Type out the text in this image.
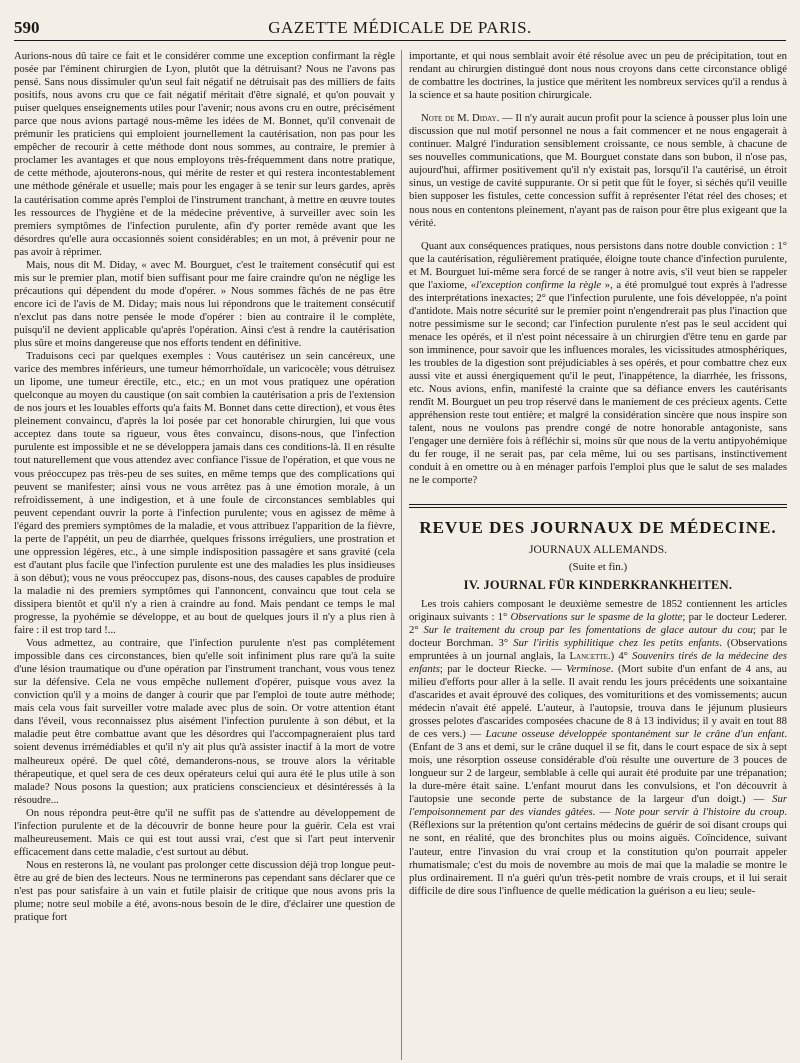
590	GAZETTE MÉDICALE DE PARIS.

Aurions-nous dû taire ce fait et le considérer comme une exception confirmant la règle posée par l'éminent chirurgien de Lyon, plutôt que la détruisant? Nous ne l'avons pas pensé. Sans nous dissimuler qu'un seul fait négatif ne détruisait pas des milliers de faits positifs, nous avons cru que ce fait négatif méritait d'être signalé, et qu'on pouvait y puiser quelques enseignements utiles pour l'avenir; nous avons cru en outre, précisément parce que nous avions partagé nous-même les idées de M. Bonnet, qu'il convenait de prémunir les praticiens qui emploient journellement la cautérisation, non pas pour les empêcher de recourir à cette méthode dont nous sommes, au contraire, le premier à proclamer les avantages et que nous employons très-fréquemment dans notre pratique, de cette méthode, ajouterons-nous, qui mérite de rester et qui restera incontestablement une méthode générale et usuelle; mais pour les engager à se tenir sur leurs gardes, après la cautérisation comme après l'emploi de l'instrument tranchant, à mettre en œuvre toutes les ressources de l'hygiène et de la médecine préventive, à surveiller avec soin les premiers symptômes de l'infection purulente, afin d'y porter remède avant que les désordres qu'elle aura occasionnés soient considérables; en un mot, à prévenir pour ne pas avoir à réprimer.

Mais, nous dit M. Diday, « avec M. Bourguet, c'est le traitement consécutif qui est mis sur le premier plan, motif bien suffisant pour me faire craindre qu'on ne néglige les précautions qui dépendent du mode d'opérer. » Nous sommes fâchés de ne pas être encore ici de l'avis de M. Diday; mais nous lui répondrons que le traitement consécutif n'exclut pas dans notre pensée le mode d'opérer : bien au contraire il le complète, puisqu'il ne devient applicable qu'après l'opération. Ainsi c'est à rendre la cautérisation plus sûre et moins dangereuse que nos efforts tendent en définitive.

Traduisons ceci par quelques exemples : Vous cautérisez un sein cancéreux, une varice des membres inférieurs, une tumeur hémorrhoïdale, un varicocèle; vous détruisez un lipome, une tumeur érectile, etc., etc.; en un mot vous pratiquez une opération quelconque au moyen du caustique (on sait combien la cautérisation a pris de l'extension de nos jours et les louables efforts qu'a faits M. Bonnet dans cette direction), et vous êtes pleinement convaincu, d'après la loi posée par cet honorable chirurgien, lui que vous acceptez dans toute sa rigueur, vous êtes convaincu, disons-nous, que l'infection purulente est impossible et ne se développera jamais dans ces conditions-là. Il en résulte tout naturellement que vous attendez avec confiance l'issue de l'opération, et que vous ne vous préoccupez pas très-peu de ses suites, en même temps que des complications qui peuvent se manifester; ainsi vous ne vous arrêtez pas à une émotion morale, à un refroidissement, à une indigestion, et à une foule de circonstances semblables qui peuvent cependant ouvrir la porte à l'infection purulente; vous en agissez de même à l'égard des premiers symptômes de la maladie, et vous attribuez l'apparition de la fièvre, la perte de l'appétit, un peu de diarrhée, quelques frissons irréguliers, une prostration et une oppression légères, etc., à une simple indisposition passagère et sans gravité (cela est d'autant plus facile que l'infection purulente est une des maladies les plus insidieuses à son début); vous ne vous préoccupez pas, disons-nous, des causes capables de produire la maladie ni des premiers symptômes qui l'annoncent, convaincu que tout cela se dissipera bientôt et qu'il n'y a rien à craindre au fond. Mais pendant ce temps le mal progresse, la pyohémie se développe, et au bout de quelques jours il n'y a plus rien à faire : il est trop tard !...

Vous admettez, au contraire, que l'infection purulente n'est pas complétement impossible dans ces circonstances, bien qu'elle soit infiniment plus rare qu'à la suite d'une lésion traumatique ou d'une opération par l'instrument tranchant, vous vous tenez sur la défensive. Cela ne vous empêche nullement d'opérer, puisque vous avez la conviction qu'il y a moins de danger à courir que par l'emploi de toute autre méthode; mais cela vous fait surveiller votre malade avec plus de soin. Or votre attention étant dans l'éveil, vous reconnaissez plus aisément l'infection purulente à son début, et la maladie peut être combattue avant que les désordres qui l'accompagneraient plus tard soient devenus irrémédiables et qu'il n'y ait plus qu'à assister inactif à la mort de votre malheureux opéré. De quel côté, demanderons-nous, se trouve alors la véritable thérapeutique, et quel sera de ces deux opérateurs celui qui aura été le plus utile à son malade? Nous posons la question; aux praticiens consciencieux et désintéressés à la résoudre...

On nous répondra peut-être qu'il ne suffit pas de s'attendre au développement de l'infection purulente et de la découvrir de bonne heure pour la guérir. Cela est vrai malheureusement. Mais ce qui est tout aussi vrai, c'est que si l'art peut intervenir efficacement dans cette maladie, c'est surtout au début.

Nous en resterons là, ne voulant pas prolonger cette discussion déjà trop longue peut-être au gré de bien des lecteurs. Nous ne terminerons pas cependant sans déclarer que ce n'est pas pour satisfaire à un vain et futile plaisir de critique que nous avons pris la plume; notre seul mobile a été, avons-nous besoin de le dire, d'éclairer une question de pratique fort

importante, et qui nous semblait avoir été résolue avec un peu de précipitation, tout en rendant au chirurgien distingué dont nous nous croyons dans cette circonstance obligé de combattre les doctrines, la justice que méritent les nombreux services qu'il a rendus à la science et sa haute position chirurgicale.

Note de M. Diday. — Il n'y aurait aucun profit pour la science à pousser plus loin une discussion que nul motif personnel ne nous a fait commencer et ne nous engagerait à continuer. Malgré l'induration sensiblement croissante, ce nous semble, à chacune de ses nouvelles communications, que M. Bourguet constate dans son bubon, il n'ose pas, aujourd'hui, affirmer positivement qu'il n'y existait pas, lorsqu'il l'a cautérisé, un étroit sinus, un vestige de cavité suppurante. Or si petit que fût le foyer, si séchés qu'il veuille bien supposer les fistules, cette concession suffit à représenter l'état réel des choses; et nous nous en contentons pleinement, n'ayant pas de raison pour être plus exigeant que la vérité.

Quant aux conséquences pratiques, nous persistons dans notre double conviction : 1° que la cautérisation, régulièrement pratiquée, éloigne toute chance d'infection purulente, et M. Bourguet lui-même sera forcé de se ranger à notre avis, s'il veut bien se rappeler que l'axiome, «l'exception confirme la règle », a été promulgué tout exprès à l'adresse des interprétations inexactes; 2° que l'infection purulente, une fois développée, n'a point d'antidote. Mais notre sécurité sur le premier point n'engendrerait pas plus l'inaction que notre pessimisme sur le second; car l'infection purulente n'est pas le seul accident qui menace les opérés, et il n'est point nécessaire à un chirurgien d'être tenu en garde par son imminence, pour savoir que les influences morales, les vicissitudes atmosphériques, les troubles de la digestion sont préjudiciables à ses opérés, et pour combattre chez eux aussi vite et aussi énergiquement qu'il le peut, l'inappétence, la diarrhée, les frissons, etc. Nous avions, enfin, manifesté la crainte que sa défiance envers les cautérisants rendît M. Bourguet un peu trop réservé dans le maniement de ces précieux agents. Cette appréhension reste tout entière; et malgré la considération sincère que nous inspire son talent, nous ne voulons pas prendre congé de notre honorable antagoniste, sans l'engager une dernière fois à réfléchir si, moins sûr que nous de la vertu antipyohémique du fer rouge, il ne serait pas, par cela même, lui ou ses partisans, instinctivement conduit à en omettre ou à en ménager parfois l'emploi plus que le salut de ses malades ne le comporte?

REVUE DES JOURNAUX DE MÉDECINE.
JOURNAUX ALLEMANDS.
(Suite et fin.)
IV. JOURNAL FÜR KINDERKRANKHEITEN.

Les trois cahiers composant le deuxième semestre de 1852 contiennent les articles originaux suivants : 1° Observations sur le spasme de la glotte; par le docteur Lederer. 2° Sur le traitement du croup par les fomentations de glace autour du cou; par le docteur Borchman. 3° Sur l'iritis syphilitique chez les petits enfants. (Observations empruntées à un journal anglais, la Lancette.) 4° Souvenirs tirés de la médecine des enfants; par le docteur Riecke. — Verminose. (Mort subite d'un enfant de 4 ans, au milieu d'efforts pour aller à la selle. Il avait rendu les jours précédents une soixantaine d'ascarides et avait éprouvé des coliques, des vomituritions et des vomissements; aucun médecin n'avait été appelé. L'auteur, à l'autopsie, trouva dans le jéjunum plusieurs grosses pelotes d'ascarides composées chacune de 8 à 13 individus; il y avait en tout 88 de ces vers.) — Lacune osseuse développée spontanément sur le crâne d'un enfant. (Enfant de 3 ans et demi, sur le crâne duquel il se fit, dans le court espace de six à sept mois, une résorption osseuse considérable d'où résulte une ouverture de 3 pouces de longueur sur 2 de largeur, semblable à celle qui aurait été produite par une trépanation; la dure-mère était saine. L'enfant mourut dans les convulsions, et l'on découvrit à l'autopsie une seconde perte de substance de la largeur d'un doigt.) — Sur l'empoisonnement par des viandes gâtées. — Note pour servir à l'histoire du croup. (Réflexions sur la prétention qu'ont certains médecins de guérir de soi disant croups qui ne sont, en réalité, que des bronchites plus ou moins aiguës. Coïncidence, suivant l'auteur, entre l'invasion du vrai croup et la constitution qu'on pourrait appeler rhumatismale; c'est du mois de novembre au mois de mai que la maladie se montre le plus ordinairement. Il n'a guéri qu'un très-petit nombre de vrais croups, et il lui serait difficile de dire sous l'influence de quelle médication la guérison a eu lieu; seule-
